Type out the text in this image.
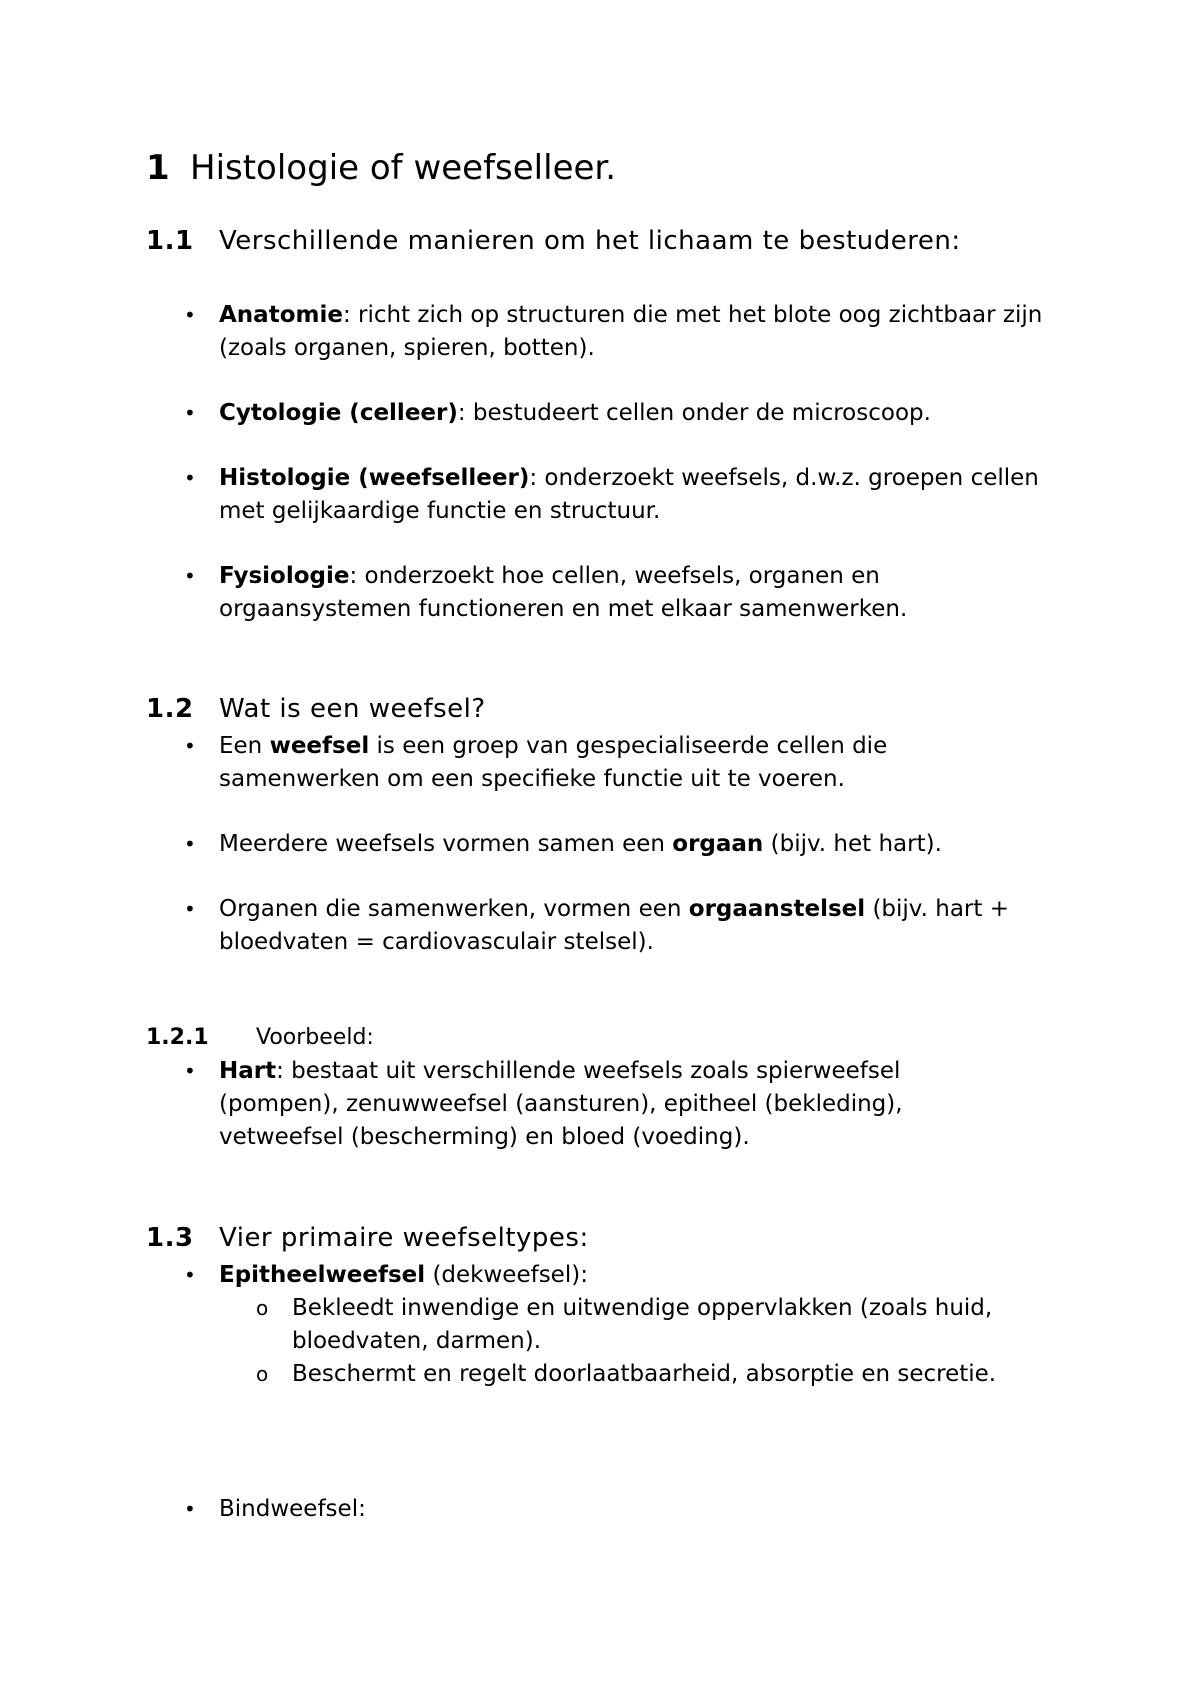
1 Histologie of weefselleer.
1.1 Verschillende manieren om het lichaam te bestuderen:
•	Anatomie: richt zich op structuren die met het blote oog zichtbaar zijn (zoals organen, spieren, botten).
•	Cytologie (celleer): bestudeert cellen onder de microscoop.
•	Histologie (weefselleer): onderzoekt weefsels, d.w.z. groepen cellen met gelijkaardige functie en structuur.
•	Fysiologie: onderzoekt hoe cellen, weefsels, organen en orgaansystemen functioneren en met elkaar samenwerken.
1.2 Wat is een weefsel?
•	Een weefsel is een groep van gespecialiseerde cellen die samenwerken om een specifieke functie uit te voeren.
•	Meerdere weefsels vormen samen een orgaan (bijv. het hart).
•	Organen die samenwerken, vormen een orgaanstelsel (bijv. hart + bloedvaten = cardiovasculair stelsel).
1.2.1 Voorbeeld:
•	Hart: bestaat uit verschillende weefsels zoals spierweefsel (pompen), zenuwweefsel (aansturen), epitheel (bekleding), vetweefsel (bescherming) en bloed (voeding).
1.3 Vier primaire weefseltypes:
•	Epitheelweefsel (dekweefsel):
o	Bekleedt inwendige en uitwendige oppervlakken (zoals huid, bloedvaten, darmen).
o	Beschermt en regelt doorlaatbaarheid, absorptie en secretie.
•	Bindweefsel:
